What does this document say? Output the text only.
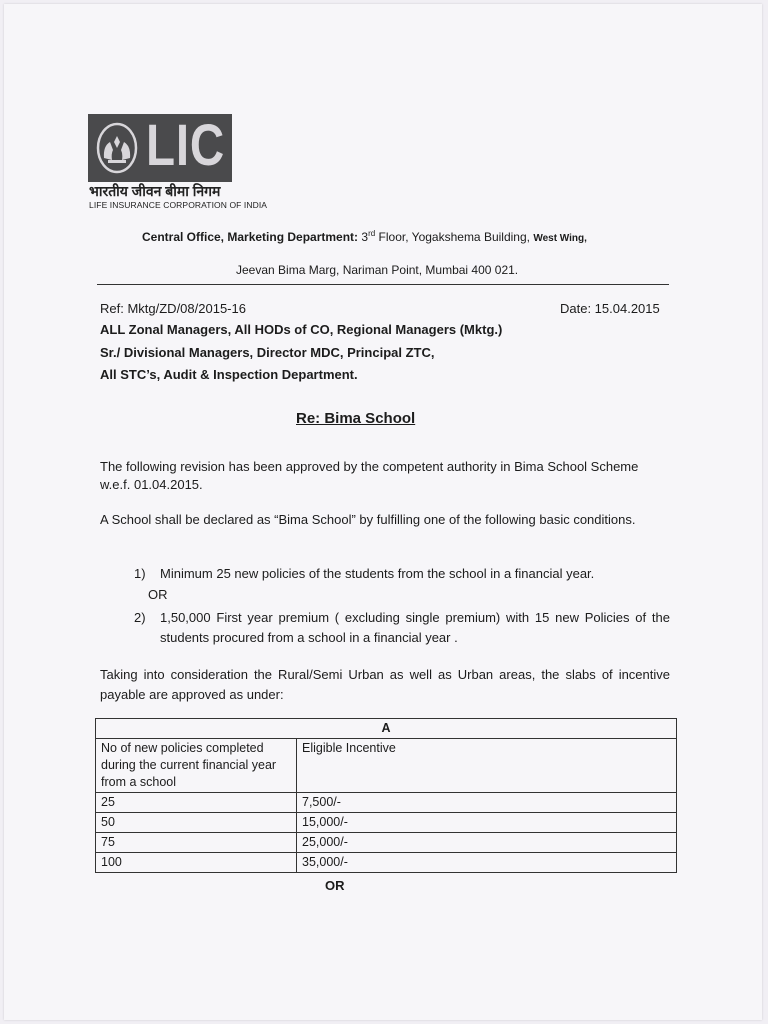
LIC
भारतीय जीवन बीमा निगम
LIFE INSURANCE CORPORATION OF INDIA
Central Office, Marketing Department: 3rd Floor, Yogakshema Building, West Wing,
Jeevan Bima Marg, Nariman Point, Mumbai 400 021.
Ref: Mktg/ZD/08/2015-16	Date: 15.04.2015
ALL Zonal Managers, All HODs of CO, Regional Managers (Mktg.)
Sr./ Divisional Managers, Director MDC, Principal ZTC,
All STC’s, Audit & Inspection Department.
Re: Bima School
The following revision has been approved by the competent authority in Bima School Scheme w.e.f. 01.04.2015.
A School shall be declared as “Bima School” by fulfilling one of the following basic conditions.
1) Minimum 25 new policies of the students from the school in a financial year.
OR
2) 1,50,000 First year premium ( excluding single premium) with 15 new Policies of the students procured from a school in a financial year .
Taking into consideration the Rural/Semi Urban as well as Urban areas, the slabs of incentive payable are approved as under:
A	
No of new policies completed during the current financial year from a school	Eligible Incentive
25	7,500/-
50	15,000/-
75	25,000/-
100	35,000/-
OR
